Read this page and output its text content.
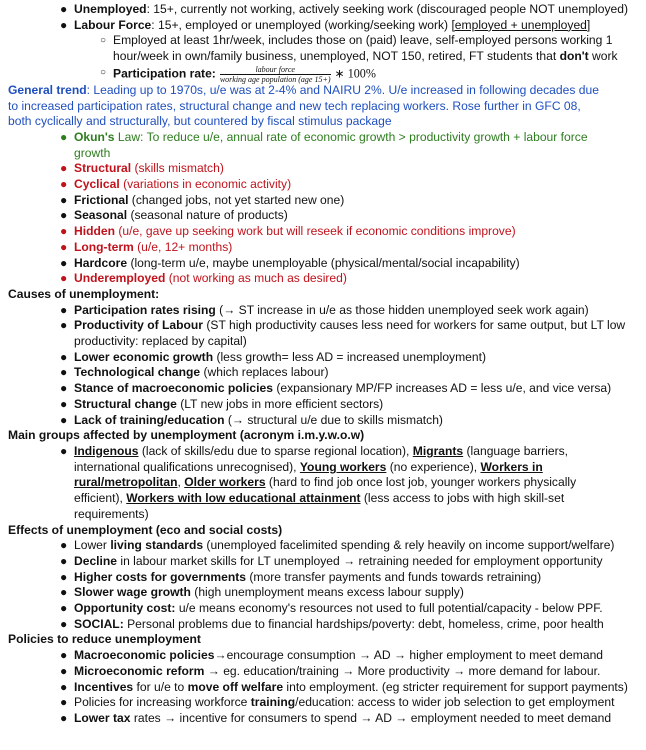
● Unemployed: 15+, currently not working, actively seeking work (discouraged people NOT unemployed)
● Labour Force: 15+, employed or unemployed (working/seeking work) [employed + unemployed]
○ Employed at least 1hr/week, includes those on (paid) leave, self-employed persons working 1
hour/week in own/family business, unemployed, NOT 150, retired, FT students that don't work
○ Participation rate: $\frac{\text{labour force}}{\text{working age population (age 15+)}}$ ∗ 100%
General trend: Leading up to 1970s, u/e was at 2-4% and NAIRU 2%. U/e increased in following decades due
to increased participation rates, structural change and new tech replacing workers. Rose further in GFC 08,
both cyclically and structurally, but countered by fiscal stimulus package
● Okun's Law: To reduce u/e, annual rate of economic growth > productivity growth + labour force
growth
● Structural (skills mismatch)
● Cyclical (variations in economic activity)
● Frictional (changed jobs, not yet started new one)
● Seasonal (seasonal nature of products)
● Hidden (u/e, gave up seeking work but will reseek if economic conditions improve)
● Long-term (u/e, 12+ months)
● Hardcore (long-term u/e, maybe unemployable (physical/mental/social incapability)
● Underemployed (not working as much as desired)
Causes of unemployment:
● Participation rates rising (→ ST increase in u/e as those hidden unemployed seek work again)
● Productivity of Labour (ST high productivity causes less need for workers for same output, but LT low
productivity: replaced by capital)
● Lower economic growth (less growth= less AD = increased unemployment)
● Technological change (which replaces labour)
● Stance of macroeconomic policies (expansionary MP/FP increases AD = less u/e, and vice versa)
● Structural change (LT new jobs in more efficient sectors)
● Lack of training/education (→ structural u/e due to skills mismatch)
Main groups affected by unemployment (acronym i.m.y.w.o.w)
● Indigenous (lack of skills/edu due to sparse regional location), Migrants (language barriers,
international qualifications unrecognised), Young workers (no experience), Workers in
rural/metropolitan, Older workers (hard to find job once lost job, younger workers physically
efficient), Workers with low educational attainment (less access to jobs with high skill-set
requirements)
Effects of unemployment (eco and social costs)
● Lower living standards (unemployed facelimited spending & rely heavily on income support/welfare)
● Decline in labour market skills for LT unemployed → retraining needed for employment opportunity
● Higher costs for governments (more transfer payments and funds towards retraining)
● Slower wage growth (high unemployment means excess labour supply)
● Opportunity cost: u/e means economy's resources not used to full potential/capacity - below PPF.
● SOCIAL: Personal problems due to financial hardships/poverty: debt, homeless, crime, poor health
Policies to reduce unemployment
● Macroeconomic policies→encourage consumption → AD → higher employment to meet demand
● Microeconomic reform → eg. education/training → More productivity → more demand for labour.
● Incentives for u/e to move off welfare into employment. (eg stricter requirement for support payments)
● Policies for increasing workforce training/education: access to wider job selection to get employment
● Lower tax rates → incentive for consumers to spend → AD → employment needed to meet demand
